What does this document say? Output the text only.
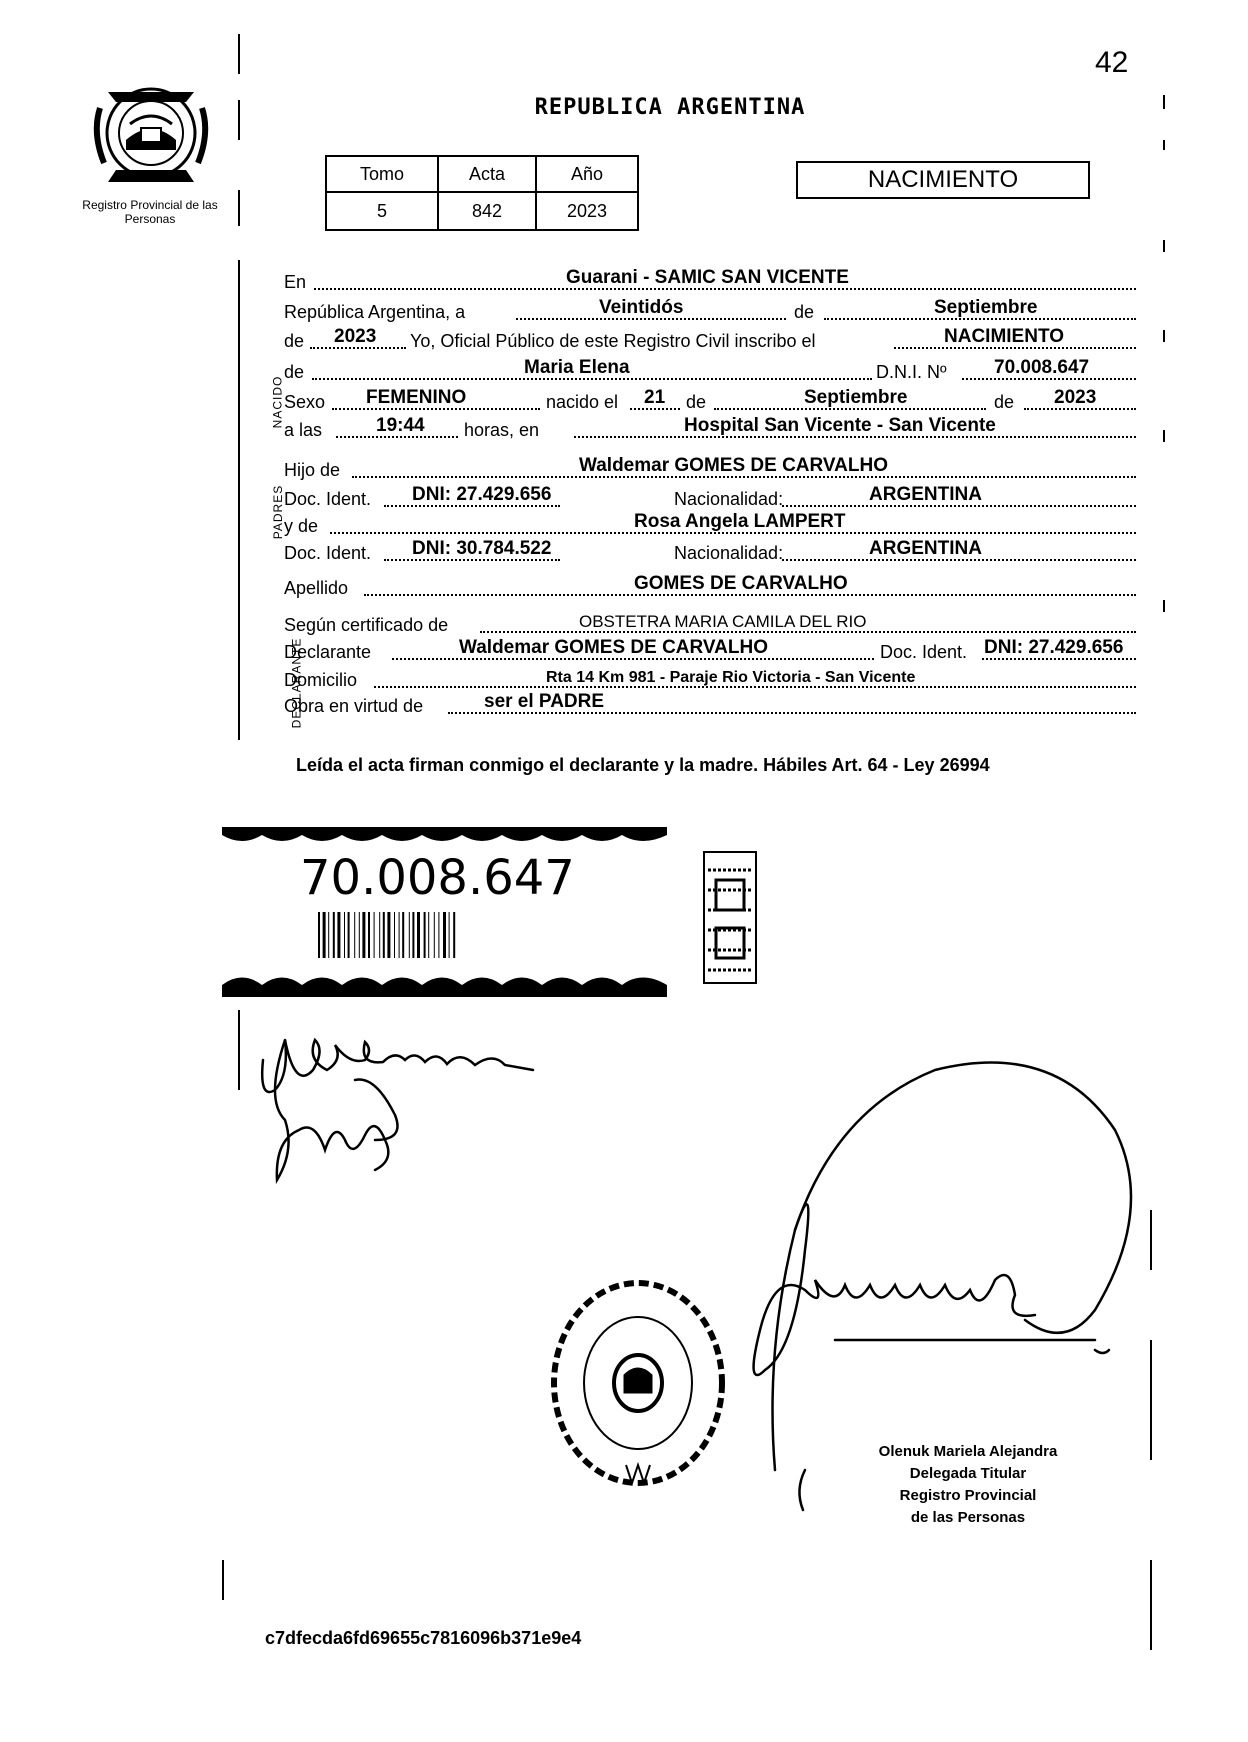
42
Registro Provincial de las Personas
REPUBLICA ARGENTINA
Tomo	Acta	Año
5	842	2023
NACIMIENTO
NACIDO
PADRES
DECLARANTE
En	Guarani - SAMIC SAN VICENTE
República Argentina, a	Veintidós	de	Septiembre
de 2023 Yo, Oficial Público de este Registro Civil inscribo el	NACIMIENTO
de	Maria Elena	D.N.I. Nº 70.008.647
Sexo FEMENINO	nacido el 21 de	Septiembre	de 2023
a las	19:44 horas, en	Hospital San Vicente - San Vicente
Hijo de	Waldemar GOMES DE CARVALHO
Doc. Ident. DNI: 27.429.656	Nacionalidad:	ARGENTINA
y de	Rosa Angela LAMPERT
Doc. Ident. DNI: 30.784.522	Nacionalidad:	ARGENTINA
Apellido	GOMES DE CARVALHO
Según certificado de	OBSTETRA MARIA CAMILA DEL RIO
Declarante	Waldemar GOMES DE CARVALHO	Doc. Ident. DNI: 27.429.656
Domicilio	Rta 14 Km 981 - Paraje Rio Victoria - San Vicente
Obra en virtud de	ser el PADRE
Leída el acta firman conmigo el declarante y la madre. Hábiles Art. 64 - Ley 26994
70.008.647
Olenuk Mariela Alejandra
Delegada Titular
Registro Provincial
de las Personas
c7dfecda6fd69655c7816096b371e9e4
